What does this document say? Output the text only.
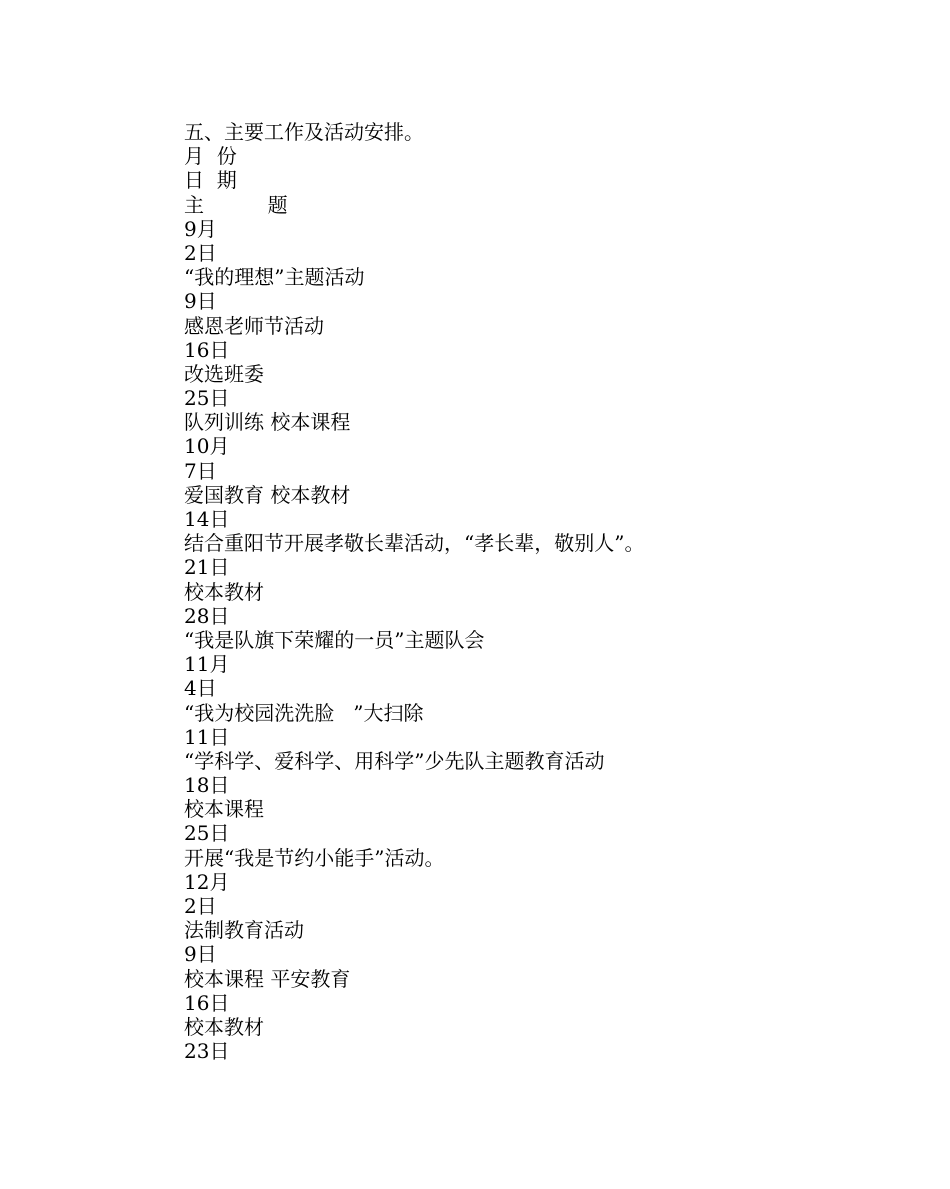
五、主要工作及活动安排。
月  份
日  期
主          题
9月
2日
“我的理想”主题活动
9日
感恩老师节活动
16日
改选班委
25日
队列训练 校本课程
10月
7日
爱国教育 校本教材
14日
结合重阳节开展孝敬长辈活动，“孝长辈，敬别人”。
21日
校本教材
28日
“我是队旗下荣耀的一员”主题队会
11月
4日
“我为校园洗洗脸   ”大扫除
11日
“学科学、爱科学、用科学”少先队主题教育活动
18日
校本课程
25日
开展“我是节约小能手”活动。
12月
2日
法制教育活动
9日
校本课程 平安教育
16日
校本教材
23日
